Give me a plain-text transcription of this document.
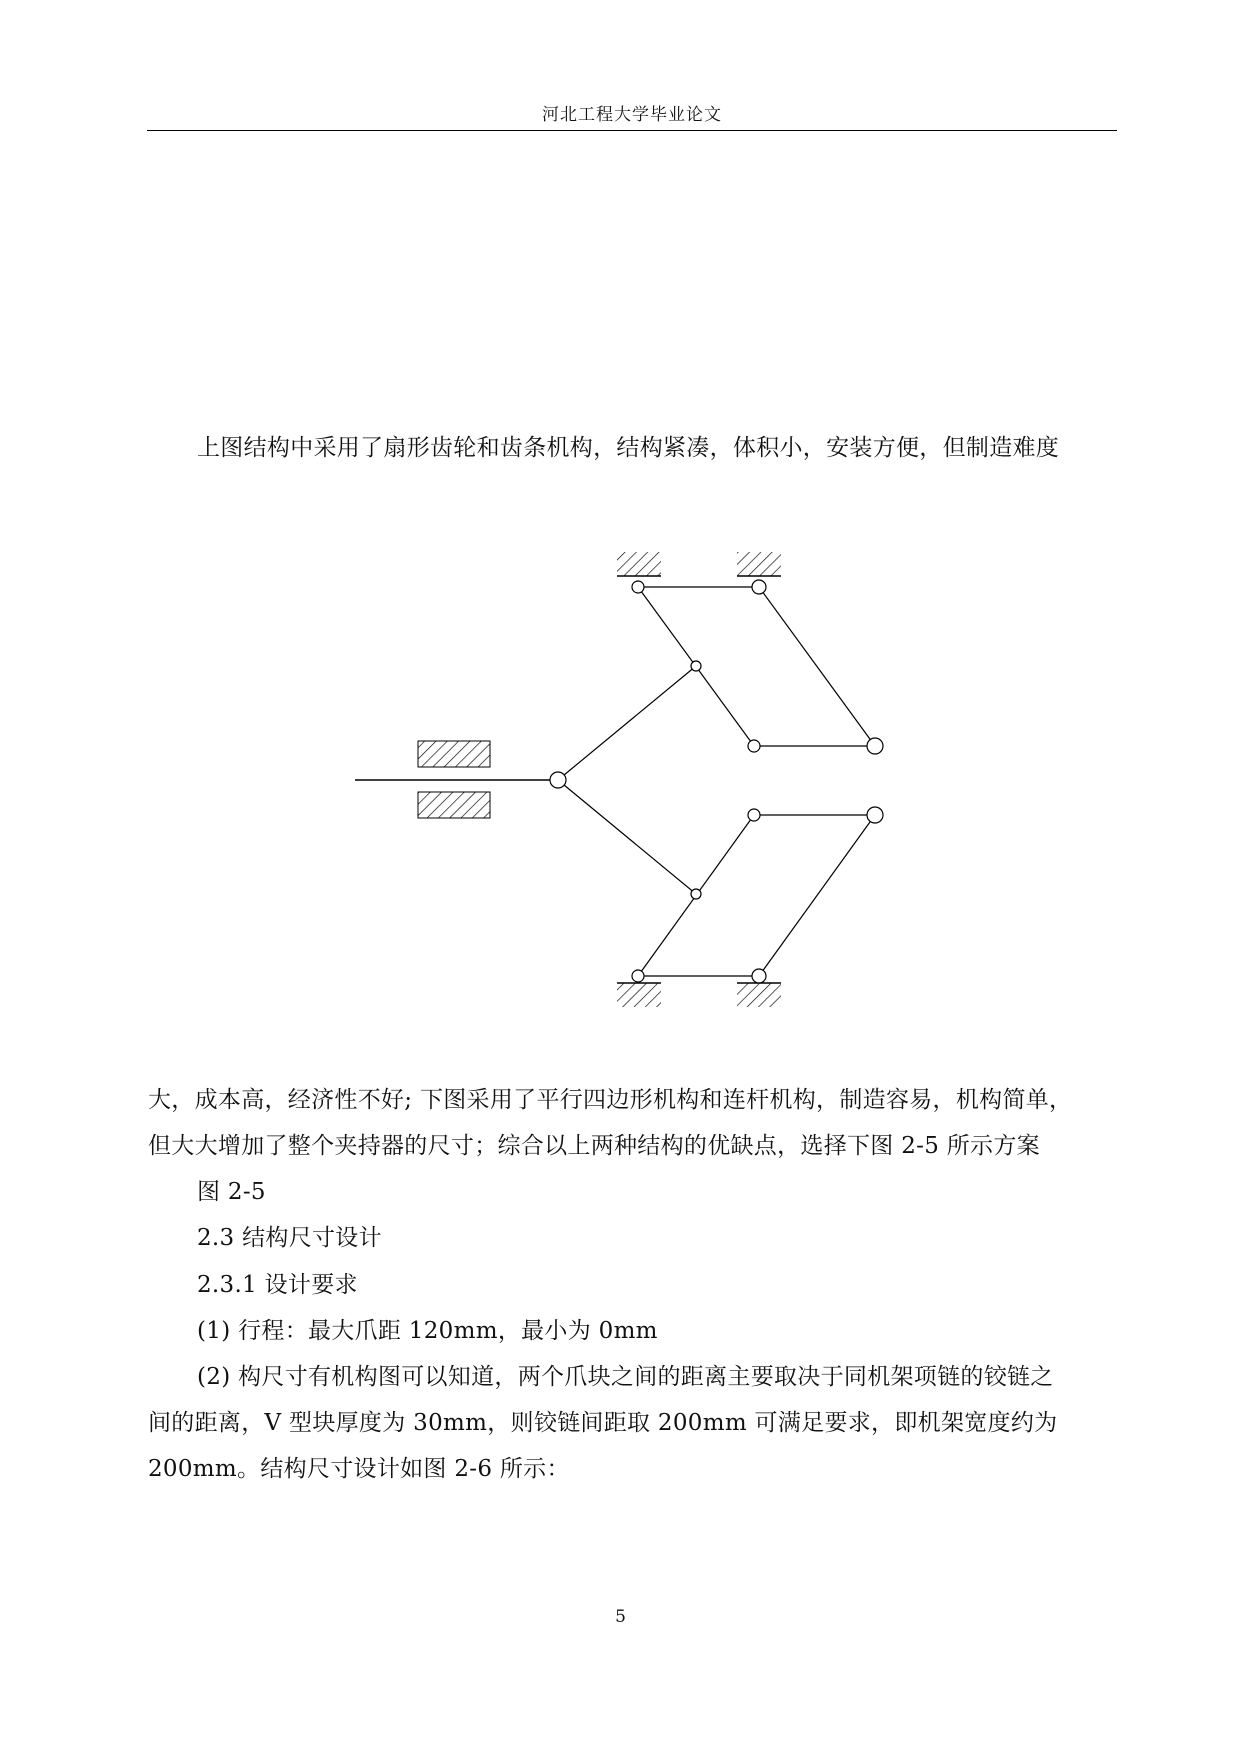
河北工程大学毕业论文
上图结构中采用了扇形齿轮和齿条机构，结构紧凑，体积小，安装方便，但制造难度
大，成本高，经济性不好; 下图采用了平行四边形机构和连杆机构，制造容易，机构简单，
但大大增加了整个夹持器的尺寸；综合以上两种结构的优缺点，选择下图 2-5 所示方案
图 2-5
2.3 结构尺寸设计
2.3.1 设计要求
(1) 行程：最大爪距 120mm，最小为 0mm
(2) 构尺寸有机构图可以知道，两个爪块之间的距离主要取决于同机架项链的铰链之
间的距离，V 型块厚度为 30mm，则铰链间距取 200mm 可满足要求，即机架宽度约为
200mm。结构尺寸设计如图 2-6 所示：
5
